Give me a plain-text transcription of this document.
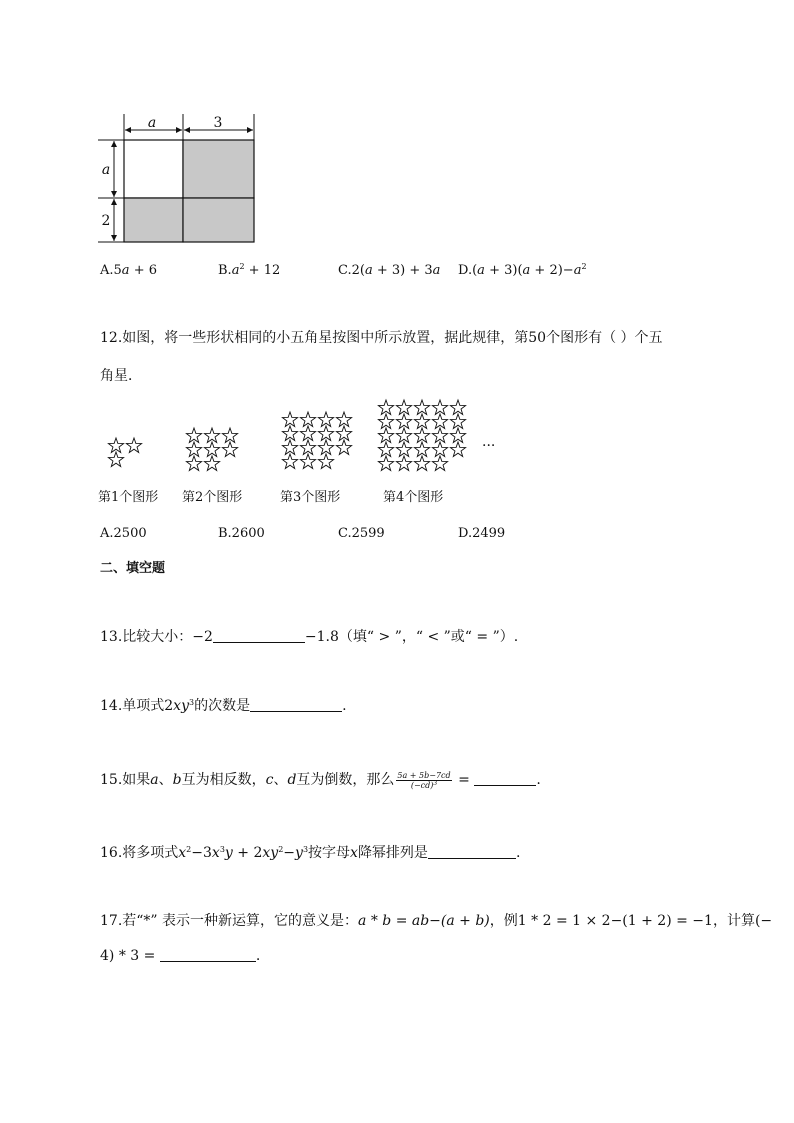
a	3
a
2
A.5a + 6	$B.a^2 + 12$	C.2(a + 3) + 3a $D.(a + 3)(a + 2)-a^2$
12.如图，将一些形状相同的小五角星按图中所示放置，据此规律，第50个图形有（ ）个五
角星．
···
第1个图形 第2个图形	第3个图形	第4个图形
A.2500	B.2600	C.2599	D.2499
二、填空题
13.比较大小：−2	−1.8（填“ > ”，“ < ”或“ = ”）.
14.单项式$2xy^3$的次数是	.
15.如果a、b互为相反数，c、d互为倒数，那么 $\frac{5a + 5b-7cd}{(-cd)^3}$ =	.
16.将多项式$x^2-3x^3y + 2xy^2-y^3$按字母x降幂排列是	.
17.若“*” 表示一种新运算，它的意义是：a * b = ab−(a + b)，例1 * 2 = 1 × 2−(1 + 2) = −1，计算(−
4) * 3 =	.
